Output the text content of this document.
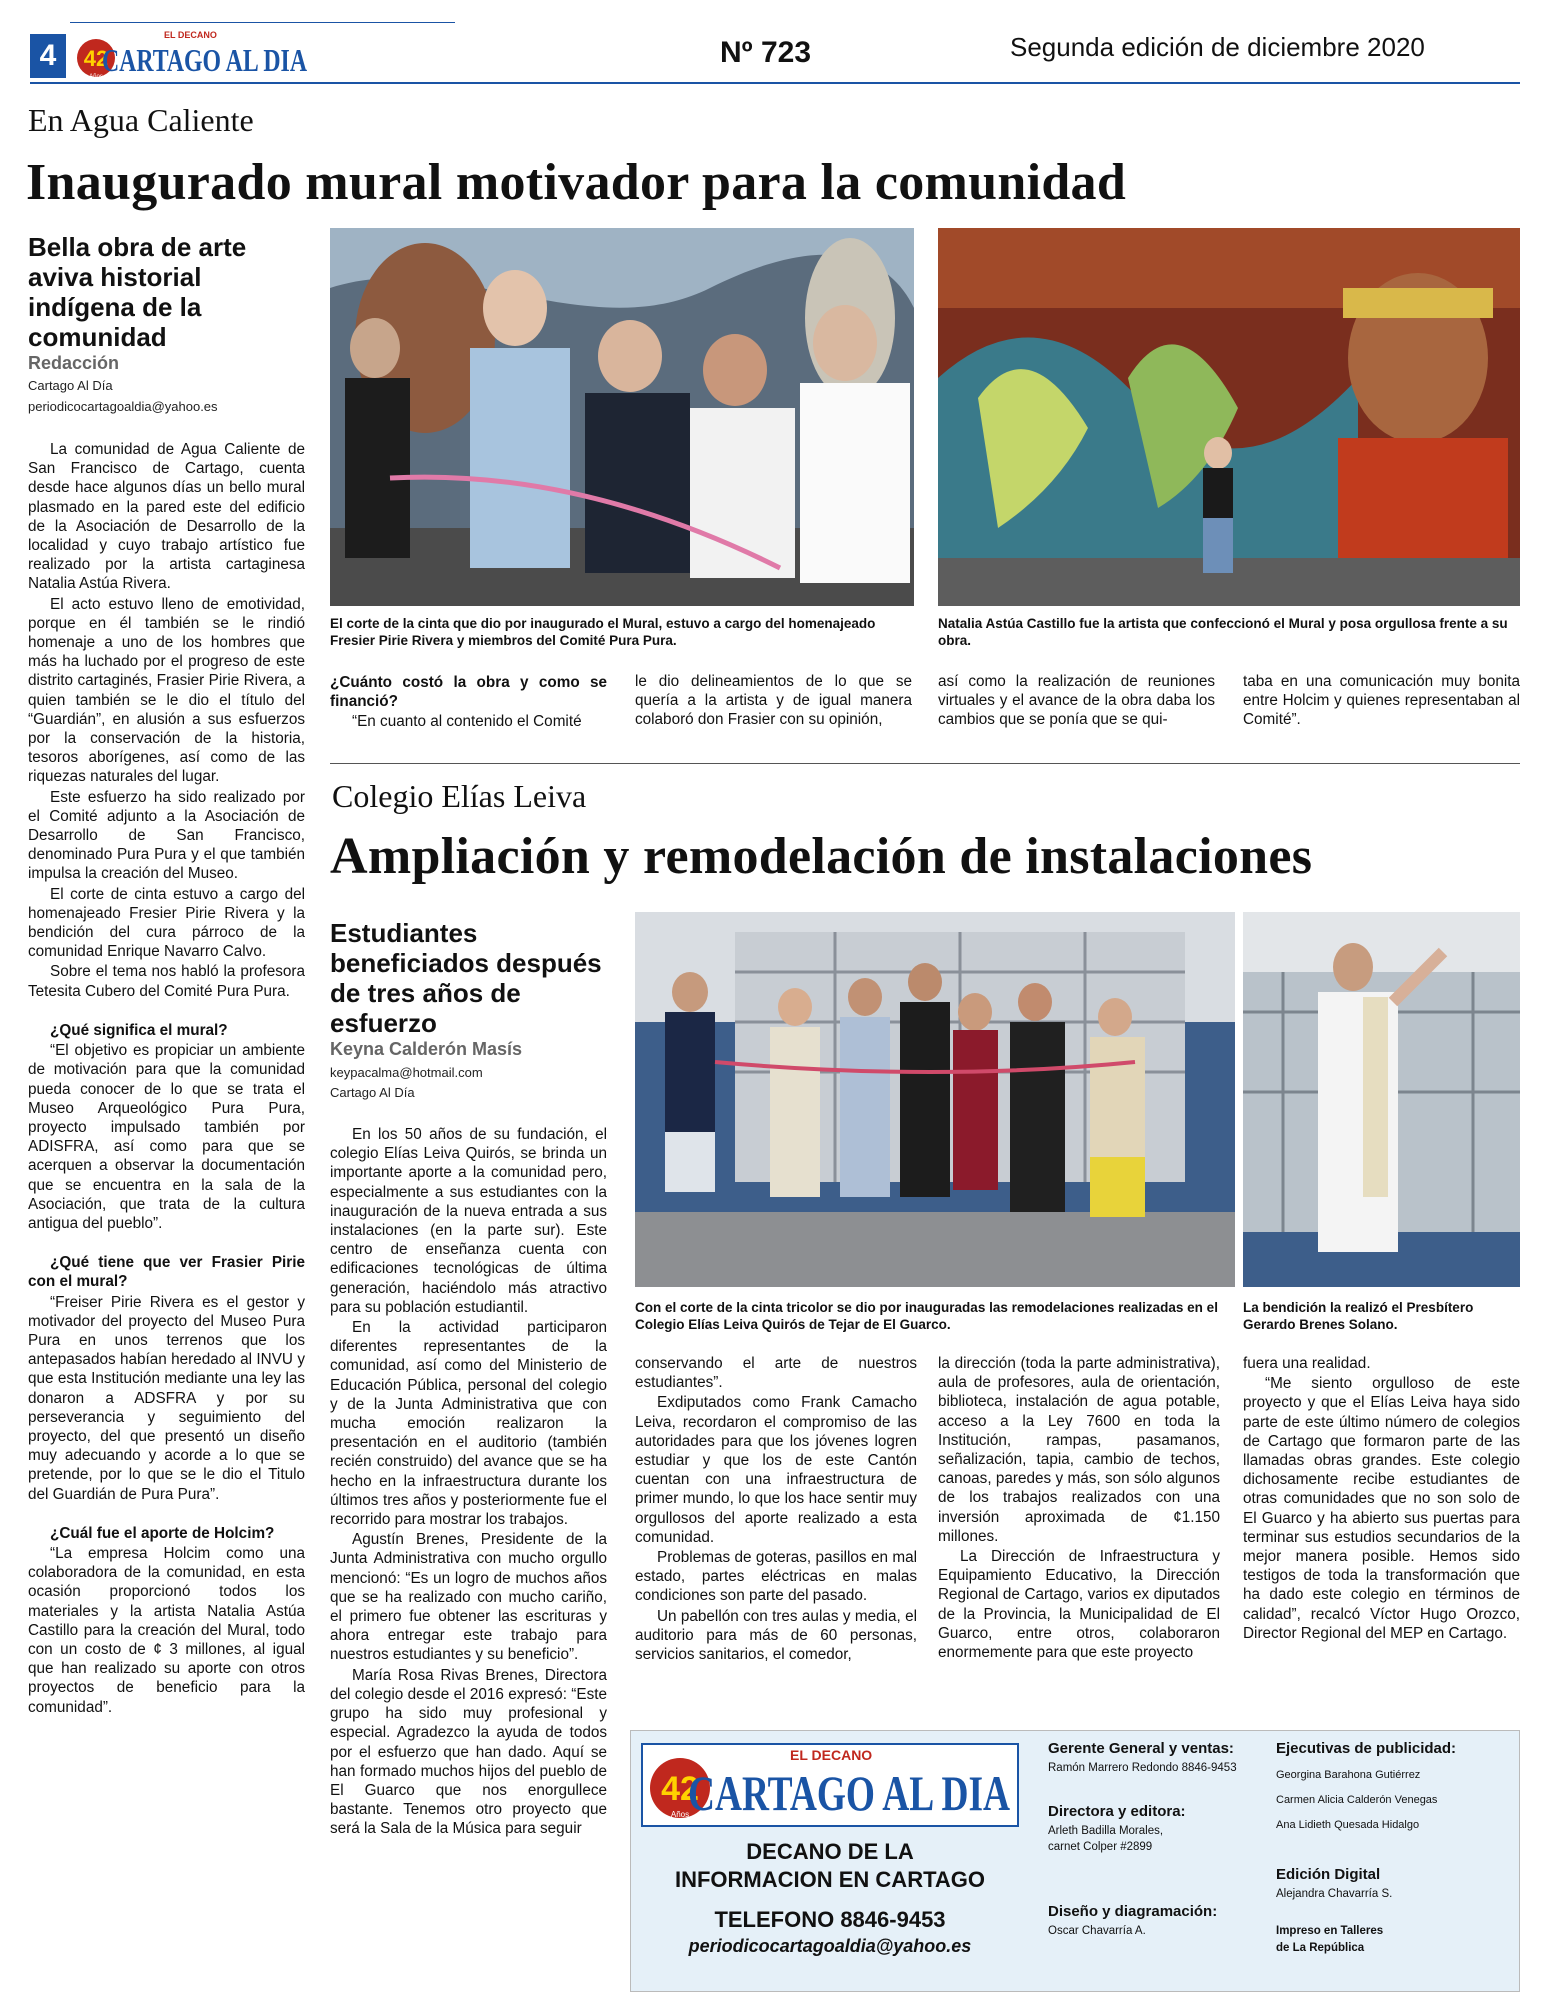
4
EL DECANO
42
Años CARTAGO AL DIA	Nº 723	Segunda edición de diciembre 2020
En Agua Caliente
Inaugurado mural motivador para la comunidad
Bella obra de arte aviva historial indígena de la comunidad
Redacción
Cartago Al Día
periodicocartagoaldia@yahoo.es

La comunidad de Agua Caliente de San Francisco de Cartago, cuenta desde hace algunos días un bello mural plasmado en la pared este del edificio de la Asociación de Desarrollo de la localidad y cuyo trabajo artístico fue realizado por la artista cartaginesa Natalia Astúa Rivera.

El acto estuvo lleno de emotividad, porque en él también se le rindió homenaje a uno de los hombres que más ha luchado por el progreso de este distrito cartaginés, Frasier Pirie Rivera, a quien también se le dio el título del “Guardián”, en alusión a sus esfuerzos por la conservación de la historia, tesoros aborígenes, así como de las riquezas naturales del lugar.

Este esfuerzo ha sido realizado por el Comité adjunto a la Asociación de Desarrollo de San Francisco, denominado Pura Pura y el que también impulsa la creación del Museo.

El corte de cinta estuvo a cargo del homenajeado Fresier Pirie Rivera y la bendición del cura párroco de la comunidad Enrique Navarro Calvo.

Sobre el tema nos habló la profesora Tetesita Cubero del Comité Pura Pura.

¿Qué significa el mural?

“El objetivo es propiciar un ambiente de motivación para que la comunidad pueda conocer de lo que se trata el Museo Arqueológico Pura Pura, proyecto impulsado también por ADISFRA, así como para que se acerquen a observar la documentación que se encuentra en la sala de la Asociación, que trata de la cultura antigua del pueblo”.

¿Qué tiene que ver Frasier Pirie con el mural?

“Freiser Pirie Rivera es el gestor y motivador del proyecto del Museo Pura Pura en unos terrenos que los antepasados habían heredado al INVU y que esta Institución mediante una ley las donaron a ADSFRA y por su perseverancia y seguimiento del proyecto, del que presentó un diseño muy adecuando y acorde a lo que se pretende, por lo que se le dio el Titulo del Guardián de Pura Pura”.

¿Cuál fue el aporte de Holcim?

“La empresa Holcim como una colaboradora de la comunidad, en esta ocasión proporcionó todos los materiales y la artista Natalia Astúa Castillo para la creación del Mural, todo con un costo de ¢ 3 millones, al igual que han realizado su aporte con otros proyectos de beneficio para la comunidad”.

El corte de la cinta que dio por inaugurado el Mural, estuvo a cargo del homenajeado Fresier Pirie Rivera y miembros del Comité Pura Pura.
Natalia Astúa Castillo fue la artista que confeccionó el Mural y posa orgullosa frente a su obra.

¿Cuánto costó la obra y como se financió?

“En cuanto al contenido el Comité

le dio delineamientos de lo que se quería a la artista y de igual manera colaboró don Frasier con su opinión,

así como la realización de reuniones virtuales y el avance de la obra daba los cambios que se ponía que se qui-

taba en una comunicación muy bonita entre Holcim y quienes representaban al Comité”.

Colegio Elías Leiva
Ampliación y remodelación de instalaciones
Estudiantes beneficiados después de tres años de esfuerzo
Keyna Calderón Masís
keypacalma@hotmail.com
Cartago Al Día

En los 50 años de su fundación, el colegio Elías Leiva Quirós, se brinda un importante aporte a la comunidad pero, especialmente a sus estudiantes con la inauguración de la nueva entrada a sus instalaciones (en la parte sur). Este centro de enseñanza cuenta con edificaciones tecnológicas de última generación, haciéndolo más atractivo para su población estudiantil.

En la actividad participaron diferentes representantes de la comunidad, así como del Ministerio de Educación Pública, personal del colegio y de la Junta Administrativa que con mucha emoción realizaron la presentación en el auditorio (también recién construido) del avance que se ha hecho en la infraestructura durante los últimos tres años y posteriormente fue el recorrido para mostrar los trabajos.

Agustín Brenes, Presidente de la Junta Administrativa con mucho orgullo mencionó: “Es un logro de muchos años que se ha realizado con mucho cariño, el primero fue obtener las escrituras y ahora entregar este trabajo para nuestros estudiantes y su beneficio”.

María Rosa Rivas Brenes, Directora del colegio desde el 2016 expresó: “Este grupo ha sido muy profesional y especial. Agradezco la ayuda de todos por el esfuerzo que han dado. Aquí se han formado muchos hijos del pueblo de El Guarco que nos enorgullece bastante. Tenemos otro proyecto que será la Sala de la Música para seguir

Con el corte de la cinta tricolor se dio por inauguradas las remodelaciones realizadas en el Colegio Elías Leiva Quirós de Tejar de El Guarco.
La bendición la realizó el Presbítero Gerardo Brenes Solano.

conservando el arte de nuestros estudiantes”.

Exdiputados como Frank Camacho Leiva, recordaron el compromiso de las autoridades para que los jóvenes logren estudiar y que los de este Cantón cuentan con una infraestructura de primer mundo, lo que los hace sentir muy orgullosos del aporte realizado a esta comunidad.

Problemas de goteras, pasillos en mal estado, partes eléctricas en malas condiciones son parte del pasado.

Un pabellón con tres aulas y media, el auditorio para más de 60 personas, servicios sanitarios, el comedor,

la dirección (toda la parte administrativa), aula de profesores, aula de orientación, biblioteca, instalación de agua potable, acceso a la Ley 7600 en toda la Institución, rampas, pasamanos, señalización, tapia, cambio de techos, canoas, paredes y más, son sólo algunos de los trabajos realizados con una inversión aproximada de ¢1.150 millones.

La Dirección de Infraestructura y Equipamiento Educativo, la Dirección Regional de Cartago, varios ex diputados de la Provincia, la Municipalidad de El Guarco, entre otros, colaboraron enormemente para que este proyecto

fuera una realidad.

“Me siento orgulloso de este proyecto y que el Elías Leiva haya sido parte de este último número de colegios de Cartago que formaron parte de las llamadas obras grandes. Este colegio dichosamente recibe estudiantes de otras comunidades que no son solo de El Guarco y ha abierto sus puertas para terminar sus estudios secundarios de la mejor manera posible. Hemos sido testigos de toda la transformación que ha dado este colegio en términos de calidad”, recalcó Víctor Hugo Orozco, Director Regional del MEP en Cartago.

EL DECANO
42
Años
CARTAGO AL DIA
DECANO DE LA
INFORMACION EN CARTAGO
TELEFONO 8846-9453
periodicocartagoaldia@yahoo.es
Gerente General y ventas:
Ramón Marrero Redondo 8846-9453
Directora y editora:
Arleth Badilla Morales,
carnet Colper #2899
Diseño y diagramación:
Oscar Chavarría A.
Ejecutivas de publicidad:
Georgina Barahona Gutiérrez
Carmen Alicia Calderón Venegas
Ana Lidieth Quesada Hidalgo
Edición Digital
Alejandra Chavarría S.
Impreso en Talleres
de La República
